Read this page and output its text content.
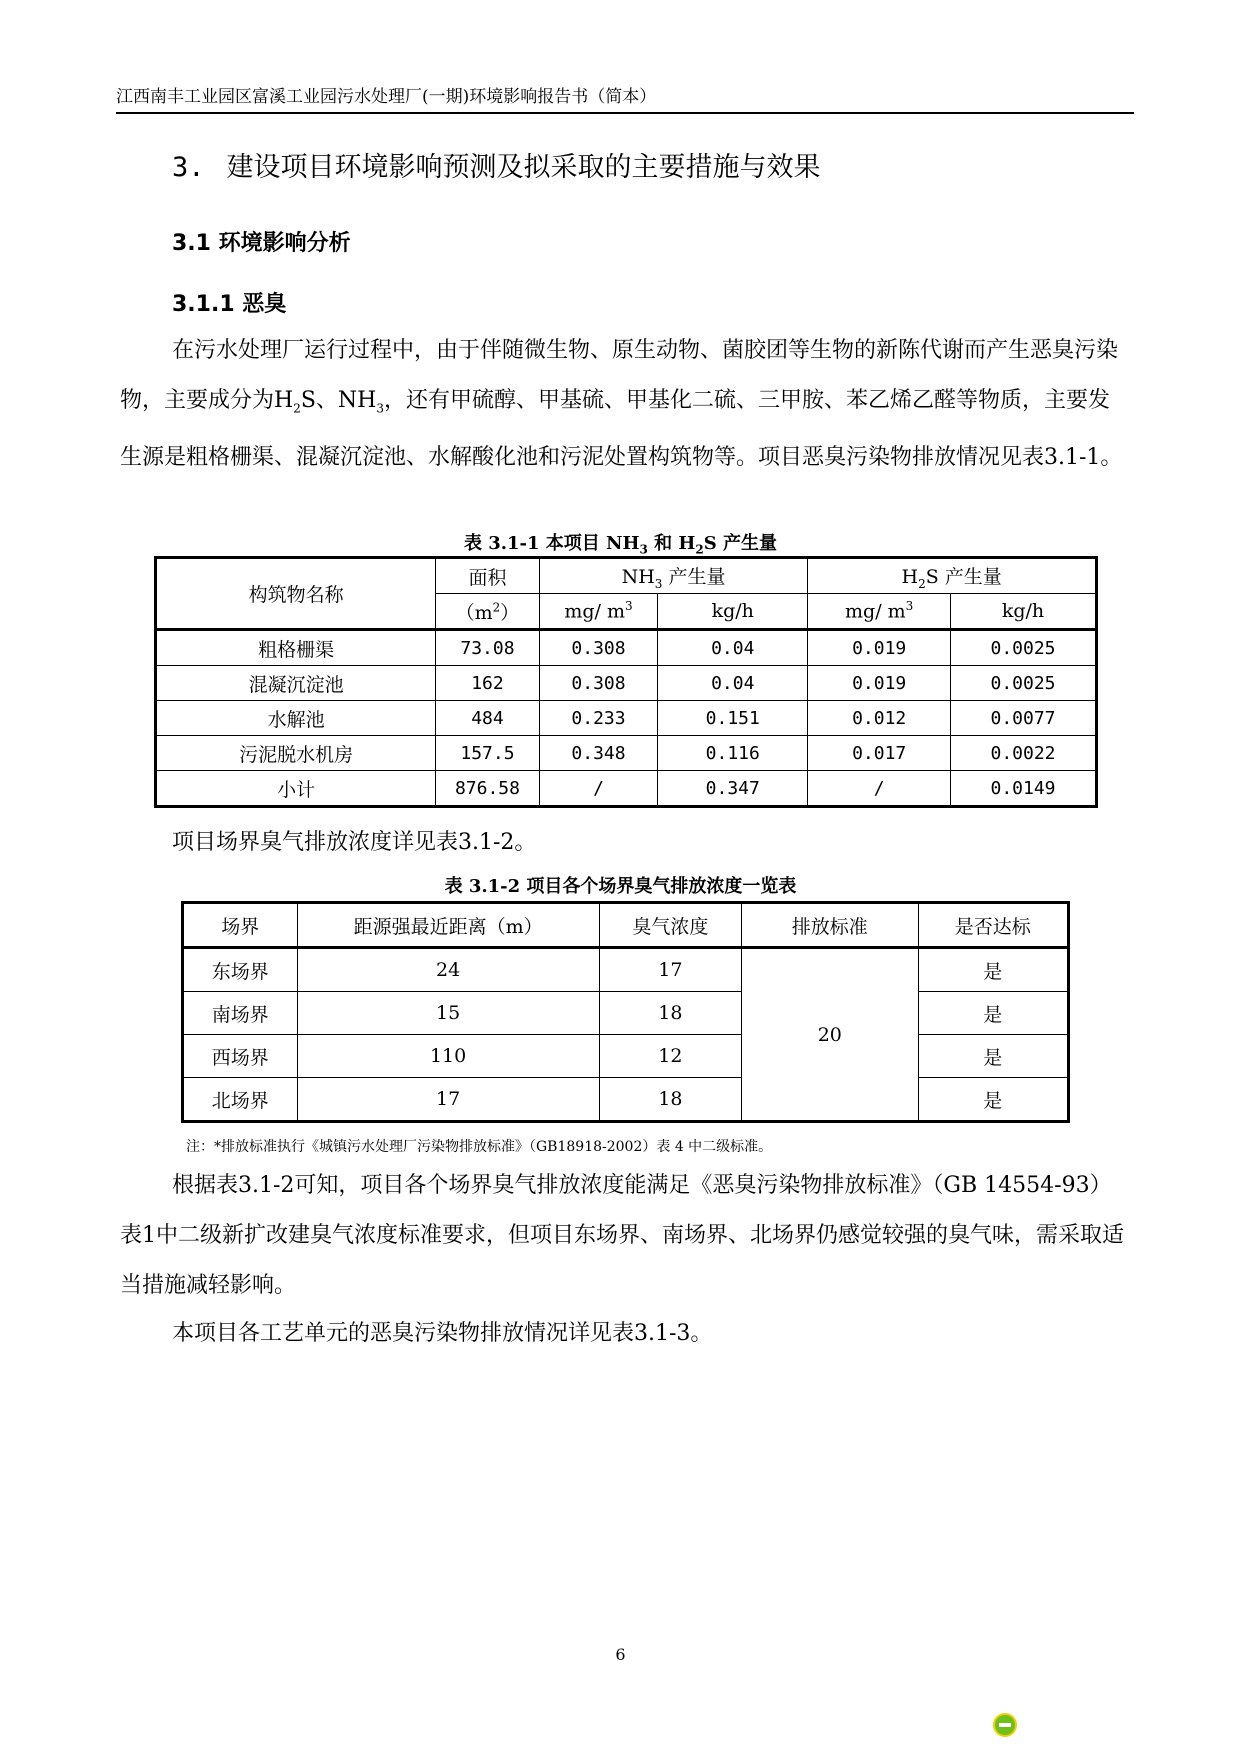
江西南丰工业园区富溪工业园污水处理厂(一期)环境影响报告书（简本）
3. 建设项目环境影响预测及拟采取的主要措施与效果
3.1 环境影响分析
3.1.1 恶臭

在污水处理厂运行过程中，由于伴随微生物、原生动物、菌胶团等生物的新陈代谢而产生恶臭污染物，主要成分为$H_2S$、$NH_3$，还有甲硫醇、甲基硫、甲基化二硫、三甲胺、苯乙烯乙醛等物质，主要发生源是粗格栅渠、混凝沉淀池、水解酸化池和污泥处置构筑物等。项目恶臭污染物排放情况见表3.1-1。

表 3.1-1 本项目 $NH_3$ 和 $H_2S$ 产生量
构筑物名称	面积	$NH_3$ 产生量		$H_2S$ 产生量	
	$(m^2)$	mg/ $m^3$	kg/h	mg/ $m^3$	kg/h
粗格栅渠	73.08	0.308	0.04	0.019	0.0025
混凝沉淀池	162	0.308	0.04	0.019	0.0025
水解池	484	0.233	0.151	0.012	0.0077
污泥脱水机房	157.5	0.348	0.116	0.017	0.0022
小计	876.58	/	0.347	/	0.0149

项目场界臭气排放浓度详见表3.1-2。

表 3.1-2 项目各个场界臭气排放浓度一览表
场界	距源强最近距离（m）	臭气浓度	排放标准	是否达标
东场界	24	17	20	是
南场界	15	18		是
西场界	110	12		是
北场界	17	18		是
注：*排放标准执行《城镇污水处理厂污染物排放标准》（GB18918-2002）表 4 中二级标准。

根据表3.1-2可知，项目各个场界臭气排放浓度能满足《恶臭污染物排放标准》（GB 14554-93）表1中二级新扩改建臭气浓度标准要求，但项目东场界、南场界、北场界仍感觉较强的臭气味，需采取适当措施减轻影响。

本项目各工艺单元的恶臭污染物排放情况详见表3.1-3。

6
